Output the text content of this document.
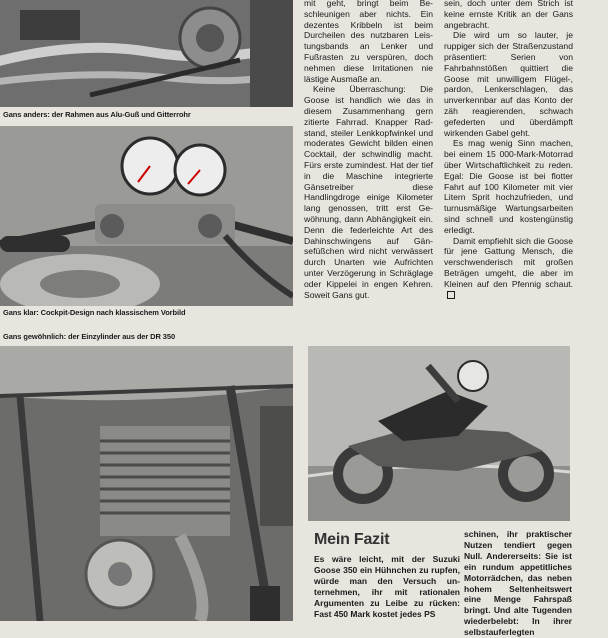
Gans anders: der Rahmen aus Alu-Guß und Gitterrohr
Gans klar: Cockpit-Design nach klassischem Vorbild
Gans gewöhnlich: der Einzylinder aus der DR 350

mit geht, bringt beim Beschleunigen aber nichts. Ein dezentes Kribbeln ist beim Durcheilen des nutzbaren Leistungsbands an Lenker und Fußrasten zu verspüren, doch nehmen diese Irritationen nie lästige Ausmaße an.

Keine Überraschung: Die Goose ist handlich wie das in diesem Zusammenhang gern zitierte Fahrrad. Knapper Radstand, steiler Lenkkopfwinkel und moderates Gewicht bilden einen Cocktail, der schwindlig macht. Fürs erste zumindest. Hat der tief in die Maschine integrierte Gänsetreiber diese Handlingdroge einige Kilometer lang genossen, tritt erst Gewöhnung, dann Abhängigkeit ein. Denn die federleichte Art des Dahinschwingens auf Gänsefüßchen wird nicht verwässert durch Unarten wie Aufrichten unter Verzögerung in Schräglage oder Kippelei in engen Kehren. Soweit Gans gut.

sein, doch unter dem Strich ist keine ernste Kritik an der Gans angebracht.

Die wird um so lauter, je ruppiger sich der Straßenzustand präsentiert: Serien von Fahrbahnstößen quittiert die Goose mit unwilligem Flügel-, pardon, Lenkerschlagen, das unverkennbar auf das Konto der zäh reagierenden, schwach gefederten und überdämpft wirkenden Gabel geht.

Es mag wenig Sinn machen, bei einem 15 000-Mark-Motorrad über Wirtschaftlichkeit zu reden. Egal: Die Goose ist bei flotter Fahrt auf 100 Kilometer mit vier Litern Sprit hochzufrieden, und turnusmäßige Wartungsarbeiten sind schnell und kostengünstig erledigt.

Damit empfiehlt sich die Goose für jene Gattung Mensch, die verschwenderisch mit großen Beträgen umgeht, die aber im Kleinen auf den Pfennig schaut.

Mein Fazit

Es wäre leicht, mit der Suzuki Goose 350 ein Hühnchen zu rupfen, würde man den Versuch unternehmen, ihr mit rationalen Argumenten zu Leibe zu rücken: Fast 450 Mark kostet jedes PS

schinen, ihr praktischer Nutzen tendiert gegen Null. Andererseits: Sie ist ein rundum appetitliches Motorrädchen, das neben hohem Seltenheitswert eine Menge Fahrspaß bringt. Und alte Tugenden wiederbelebt: In ihrer selbstauferlegten
